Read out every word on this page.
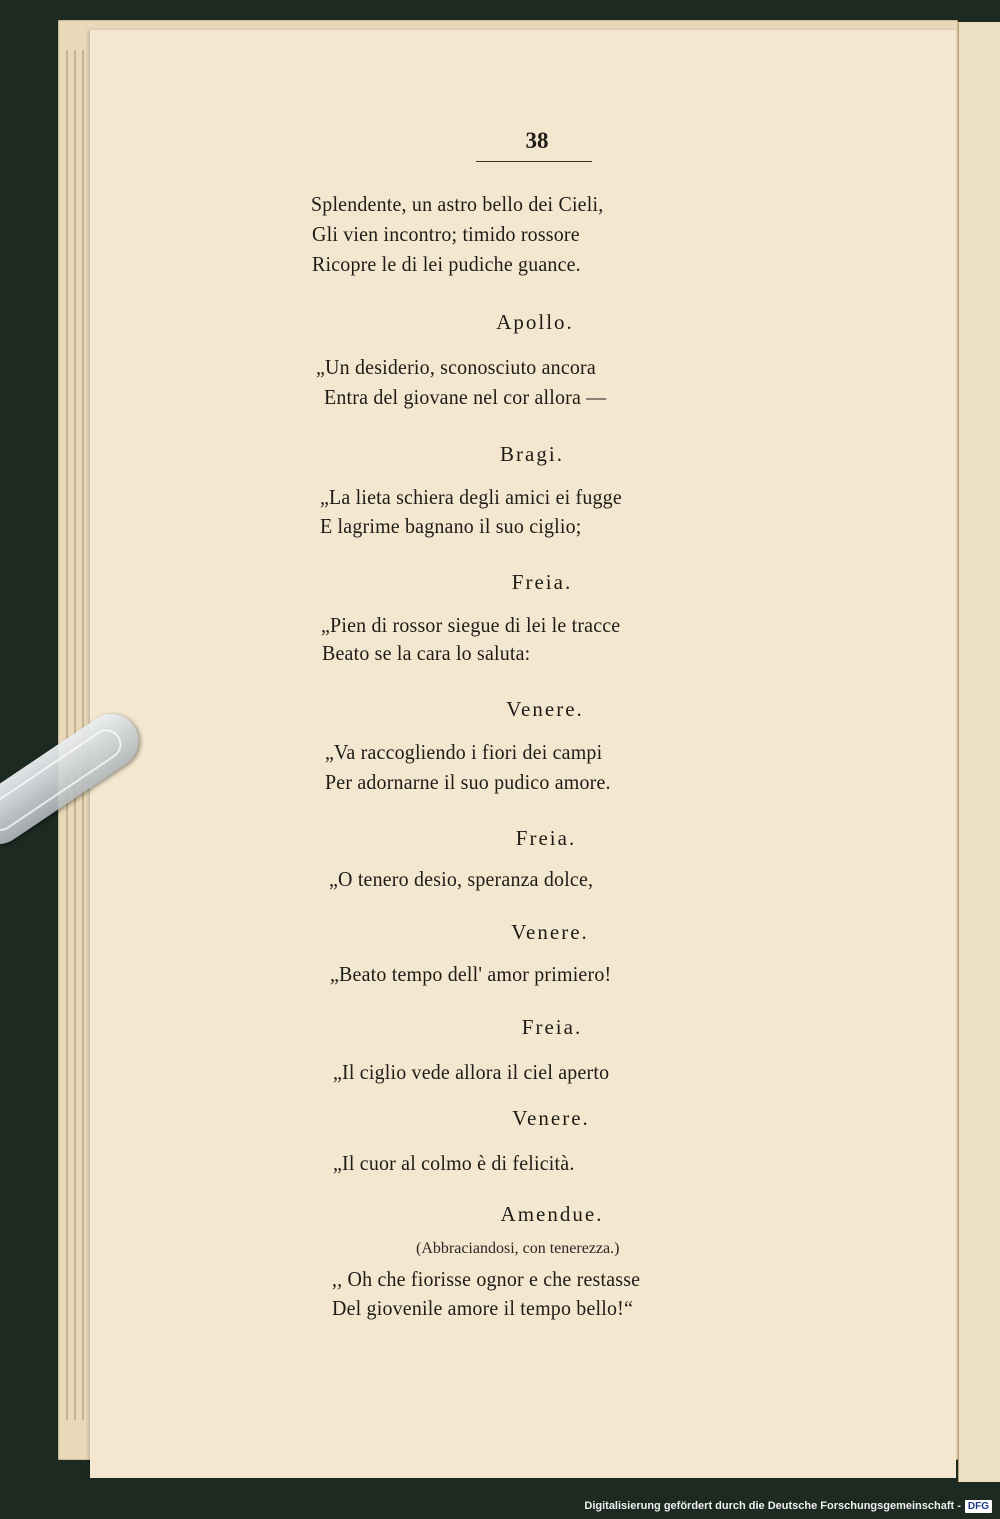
38
Splendente, un astro bello dei Cieli,
Gli vien incontro; timido rossore
Ricopre le di lei pudiche guance.
Apollo.
„Un desiderio, sconosciuto ancora
Entra del giovane nel cor allora —
Bragi.
„La lieta schiera degli amici ei fugge
E lagrime bagnano il suo ciglio;
Freia.
„Pien di rossor siegue di lei le tracce
Beato se la cara lo saluta:
Venere.
„Va raccogliendo i fiori dei campi
Per adornarne il suo pudico amore.
Freia.
„O tenero desio, speranza dolce,
Venere.
„Beato tempo dell' amor primiero!
Freia.
„Il ciglio vede allora il ciel aperto
Venere.
„Il cuor al colmo è di felicità.
Amendue.
(Abbraciandosi, con tenerezza.)
,, Oh che fiorisse ognor e che restasse
Del giovenile amore il tempo bello!“
Digitalisierung gefördert durch die Deutsche Forschungsgemeinschaft - DFG
